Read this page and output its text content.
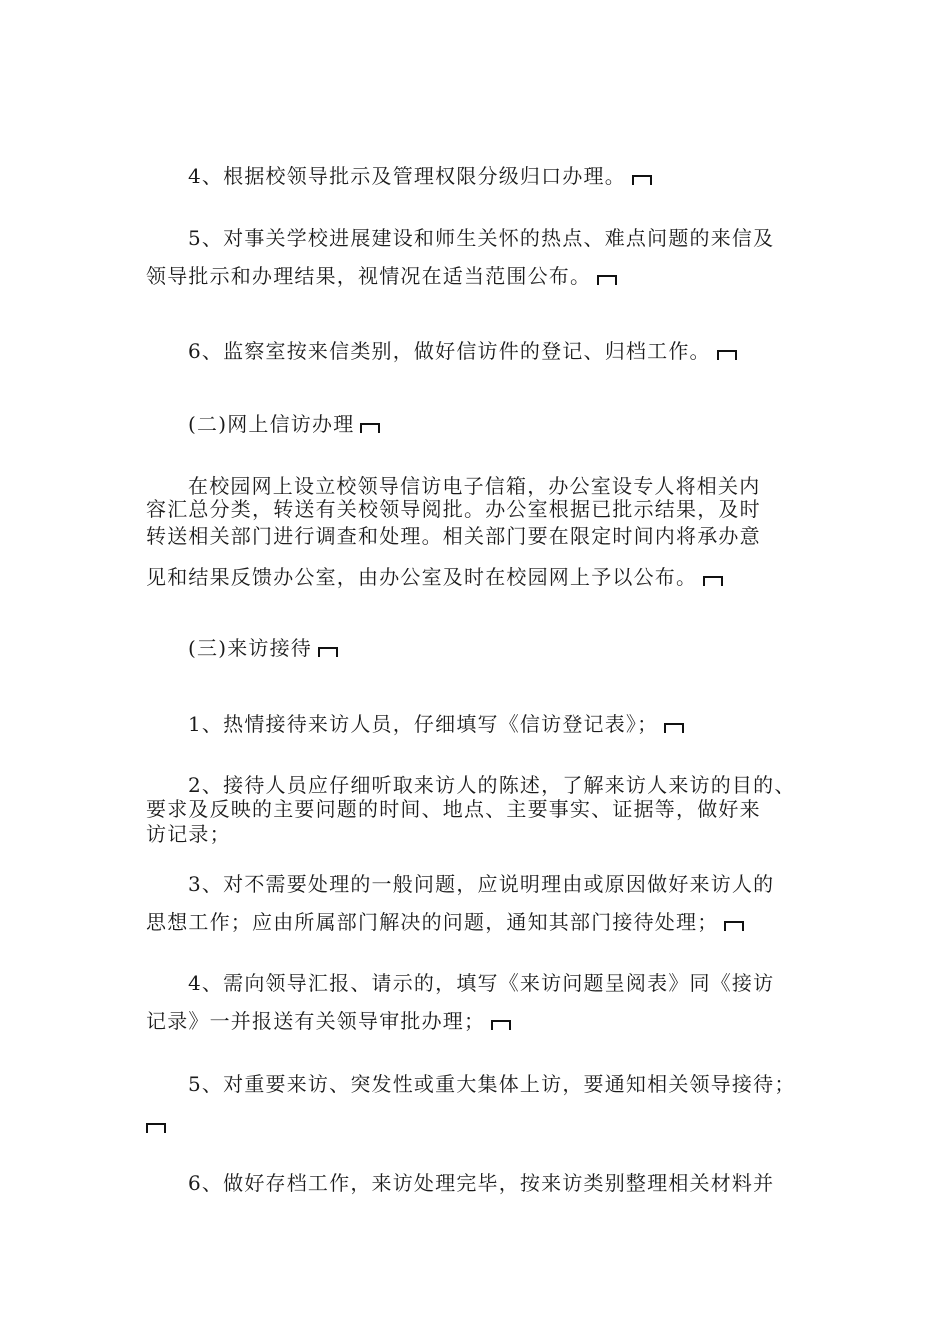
4、根据校领导批示及管理权限分级归口办理。
5、对事关学校进展建设和师生关怀的热点、难点问题的来信及
领导批示和办理结果，视情况在适当范围公布。
6、监察室按来信类别，做好信访件的登记、归档工作。
(二)网上信访办理
在校园网上设立校领导信访电子信箱，办公室设专人将相关内
容汇总分类，转送有关校领导阅批。办公室根据已批示结果，及时
转送相关部门进行调查和处理。相关部门要在限定时间内将承办意
见和结果反馈办公室，由办公室及时在校园网上予以公布。
(三)来访接待
1、热情接待来访人员，仔细填写《信访登记表》；
2、接待人员应仔细听取来访人的陈述，了解来访人来访的目的、
要求及反映的主要问题的时间、地点、主要事实、证据等，做好来
访记录；
3、对不需要处理的一般问题，应说明理由或原因做好来访人的
思想工作；应由所属部门解决的问题，通知其部门接待处理；
4、需向领导汇报、请示的，填写《来访问题呈阅表》同《接访
记录》一并报送有关领导审批办理；
5、对重要来访、突发性或重大集体上访，要通知相关领导接待；
6、做好存档工作，来访处理完毕，按来访类别整理相关材料并
